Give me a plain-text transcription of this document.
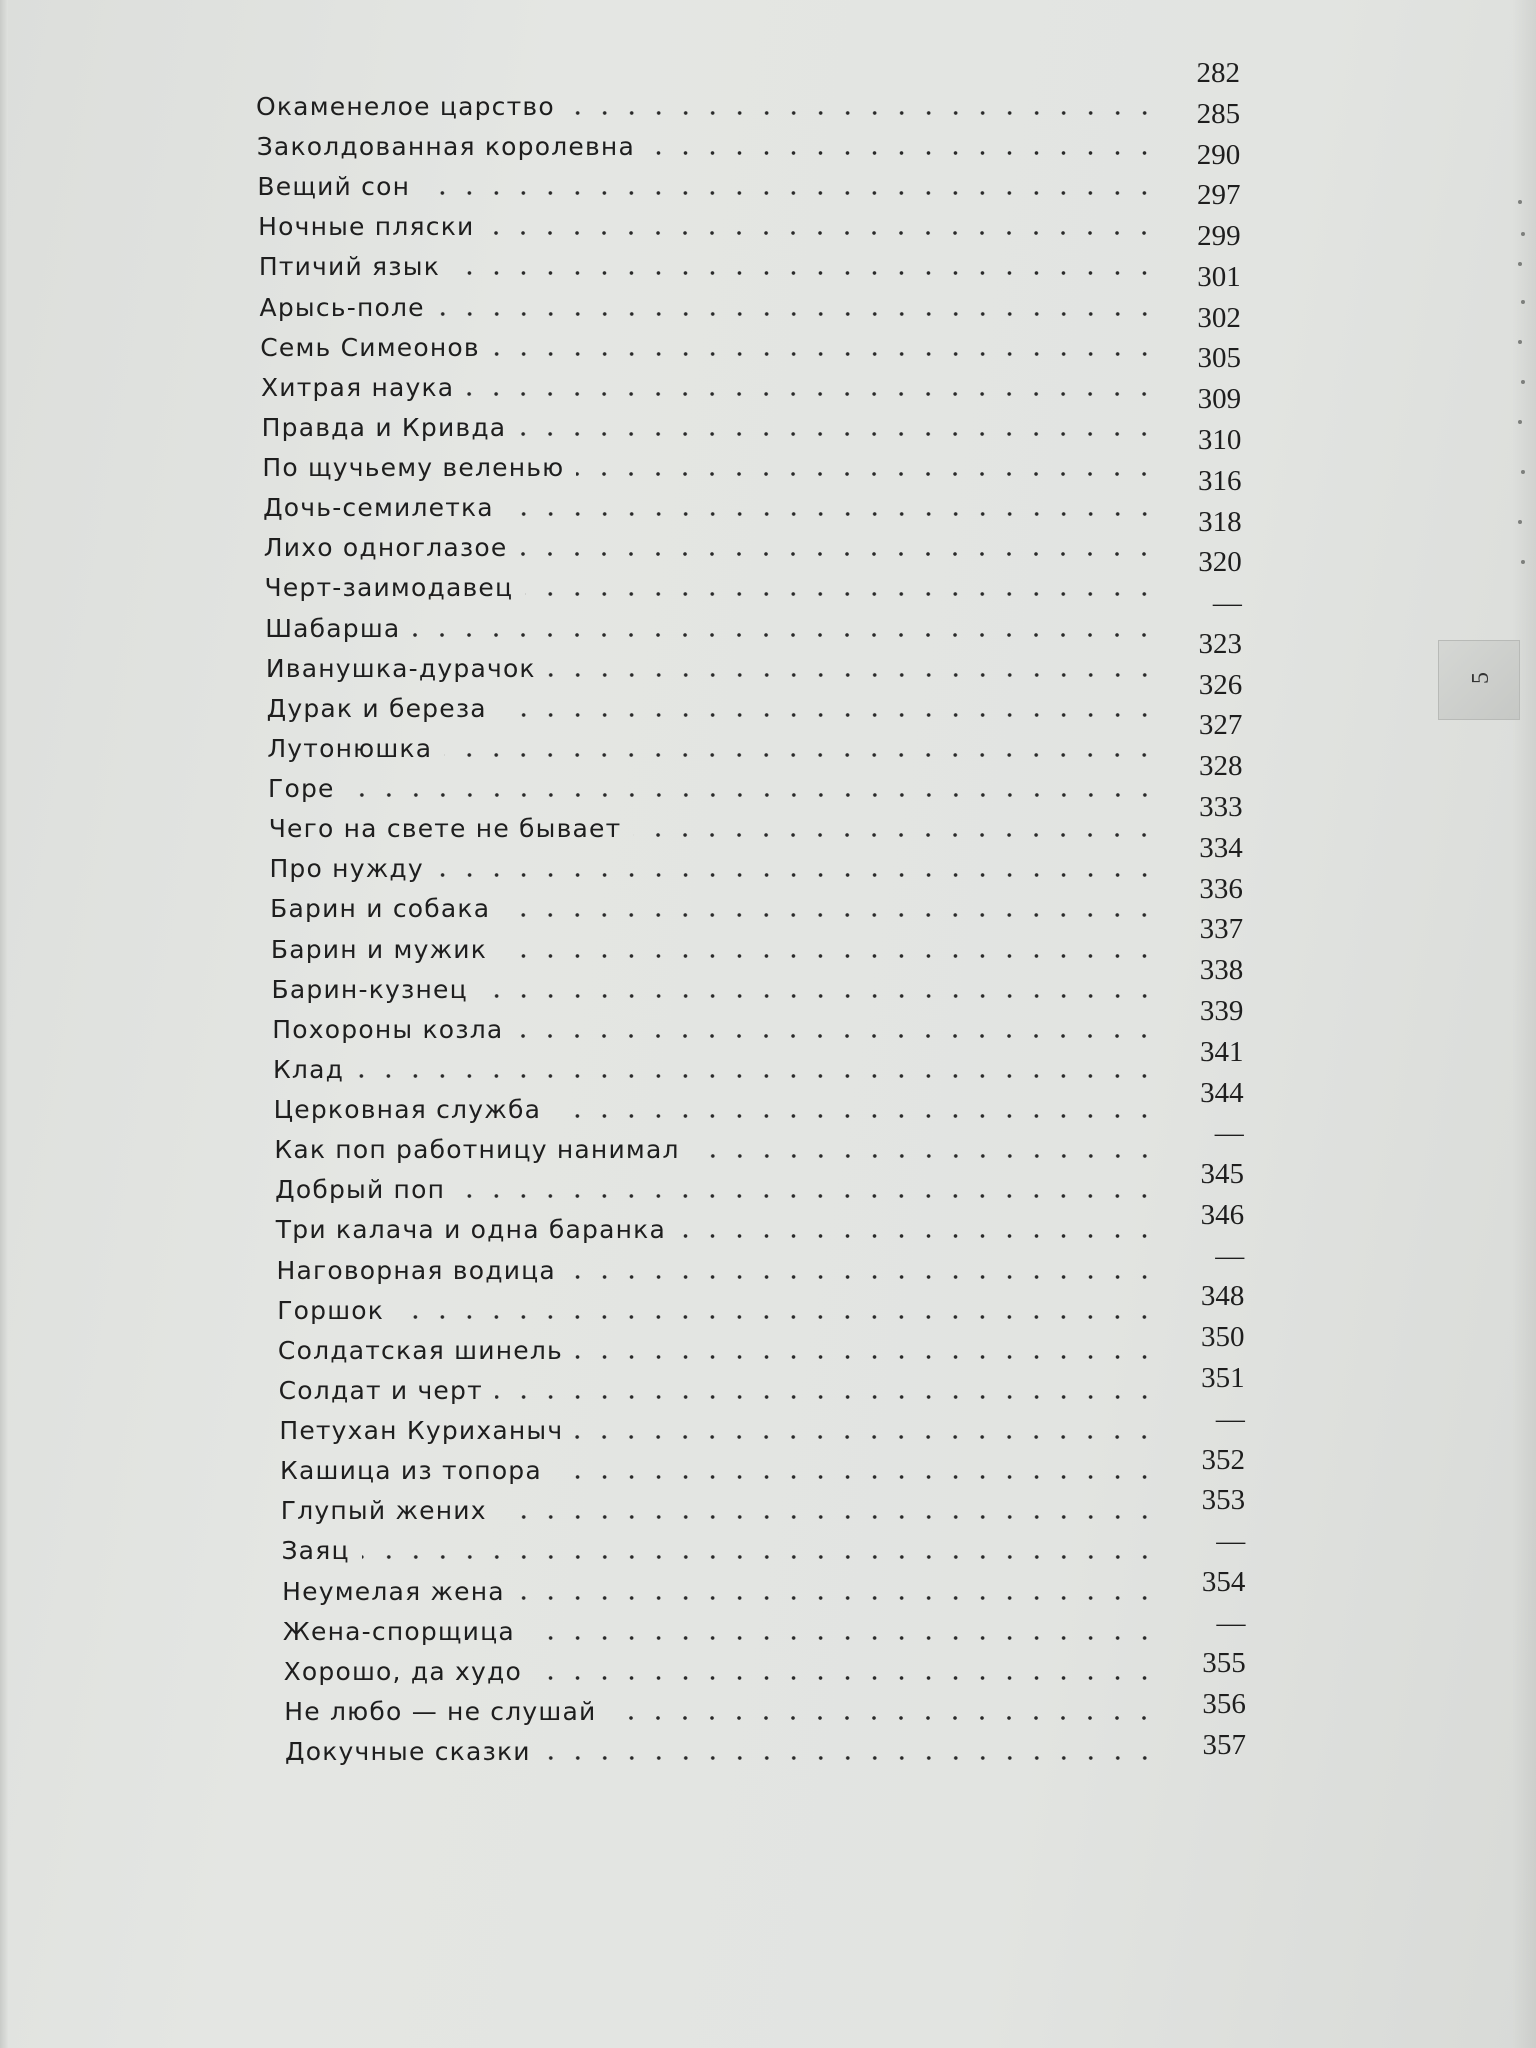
5
Окаменелое царство
Заколдованная королевна
Вещий сон
Ночные пляски
Птичий язык
Арысь-поле
Семь Симеонов
Хитрая наука
Правда и Кривда
По щучьему веленью
Дочь-семилетка
Лихо одноглазое
Черт-заимодавец
Шабарша
Иванушка-дурачок
Дурак и береза
Лутонюшка
Горе
Чего на свете не бывает
Про нужду
Барин и собака
Барин и мужик
Барин-кузнец
Похороны козла
Клад
Церковная служба
Как поп работницу нанимал
Добрый поп
Три калача и одна баранка
Наговорная водица
Горшок
Солдатская шинель
Солдат и черт
Петухан Куриханыч
Кашица из топора
Глупый жених
Заяц
Неумелая жена
Жена-спорщица
Хорошо, да худо
Не любо — не слушай
Докучные сказки
282
285
290
297
299
301
302
305
309
310
316
318
320
—
323
326
327
328
333
334
336
337
338
339
341
344
—
345
346
—
348
350
351
—
352
353
—
354
—
355
356
357
